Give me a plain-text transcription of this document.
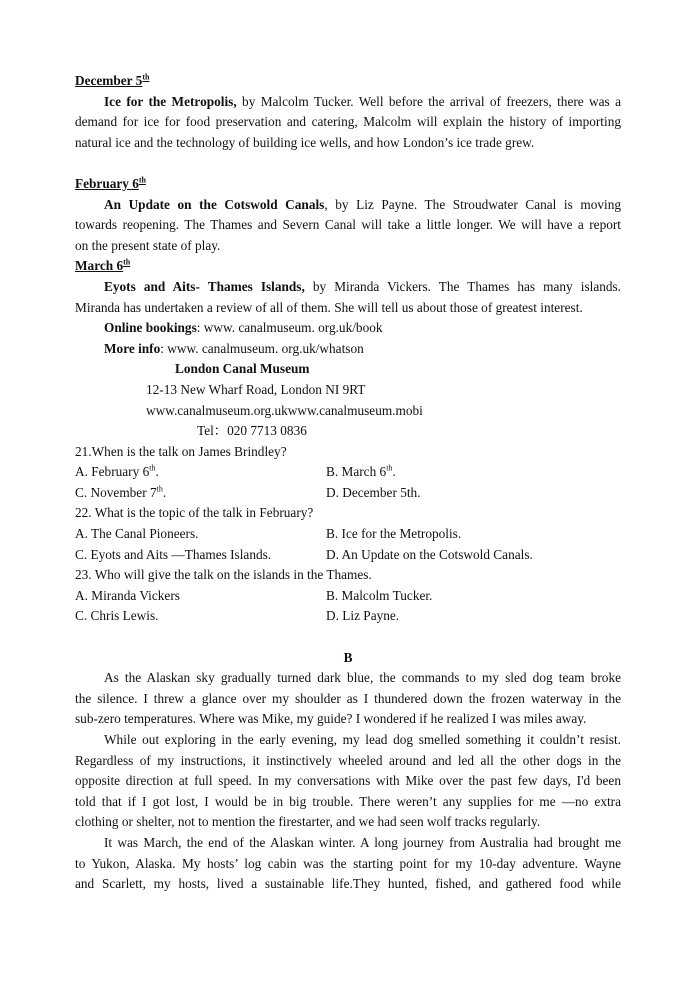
December 5th
Ice for the Metropolis, by Malcolm Tucker. Well before the arrival of freezers, there was a
demand for ice for food preservation and catering, Malcolm will explain the history of importing
natural ice and the technology of building ice wells, and how London’s ice trade grew.
February 6th
An Update on the Cotswold Canals, by Liz Payne. The Stroudwater Canal is moving
towards reopening. The Thames and Severn Canal will take a little longer. We will have a report
on the present state of play.
March 6th
Eyots and Aits- Thames Islands, by Miranda Vickers. The Thames has many islands.
Miranda has undertaken a review of all of them. She will tell us about those of greatest interest.
Online bookings: www. canalmuseum. org.uk/book
More info: www. canalmuseum. org.uk/whatson
London Canal Museum
12-13 New Wharf Road, London NI 9RT
www.canalmuseum.org.ukwww.canalmuseum.mobi
Tel：020 7713 0836
21.When is the talk on James Brindley?
A. February 6th.	B. March 6th.
C. November 7th.	D. December 5th.
22. What is the topic of the talk in February?
A. The Canal Pioneers.	B. Ice for the Metropolis.
C. Eyots and Aits —Thames Islands.	D. An Update on the Cotswold Canals.
23. Who will give the talk on the islands in the Thames.
A. Miranda Vickers	B. Malcolm Tucker.
C. Chris Lewis.	D. Liz Payne.
B
As the Alaskan sky gradually turned dark blue, the commands to my sled dog team broke
the silence. I threw a glance over my shoulder as I thundered down the frozen waterway in the
sub-zero temperatures. Where was Mike, my guide? I wondered if he realized I was miles away.
While out exploring in the early evening, my lead dog smelled something it couldn’t resist.
Regardless of my instructions, it instinctively wheeled around and led all the other dogs in the
opposite direction at full speed. In my conversations with Mike over the past few days, I'd been
told that if I got lost, I would be in big trouble. There weren’t any supplies for me —no extra
clothing or shelter, not to mention the firestarter, and we had seen wolf tracks regularly.
It was March, the end of the Alaskan winter. A long journey from Australia had brought me
to Yukon, Alaska. My hosts’ log cabin was the starting point for my 10-day adventure. Wayne
and Scarlett, my hosts, lived a sustainable life.They hunted, fished, and gathered food while
